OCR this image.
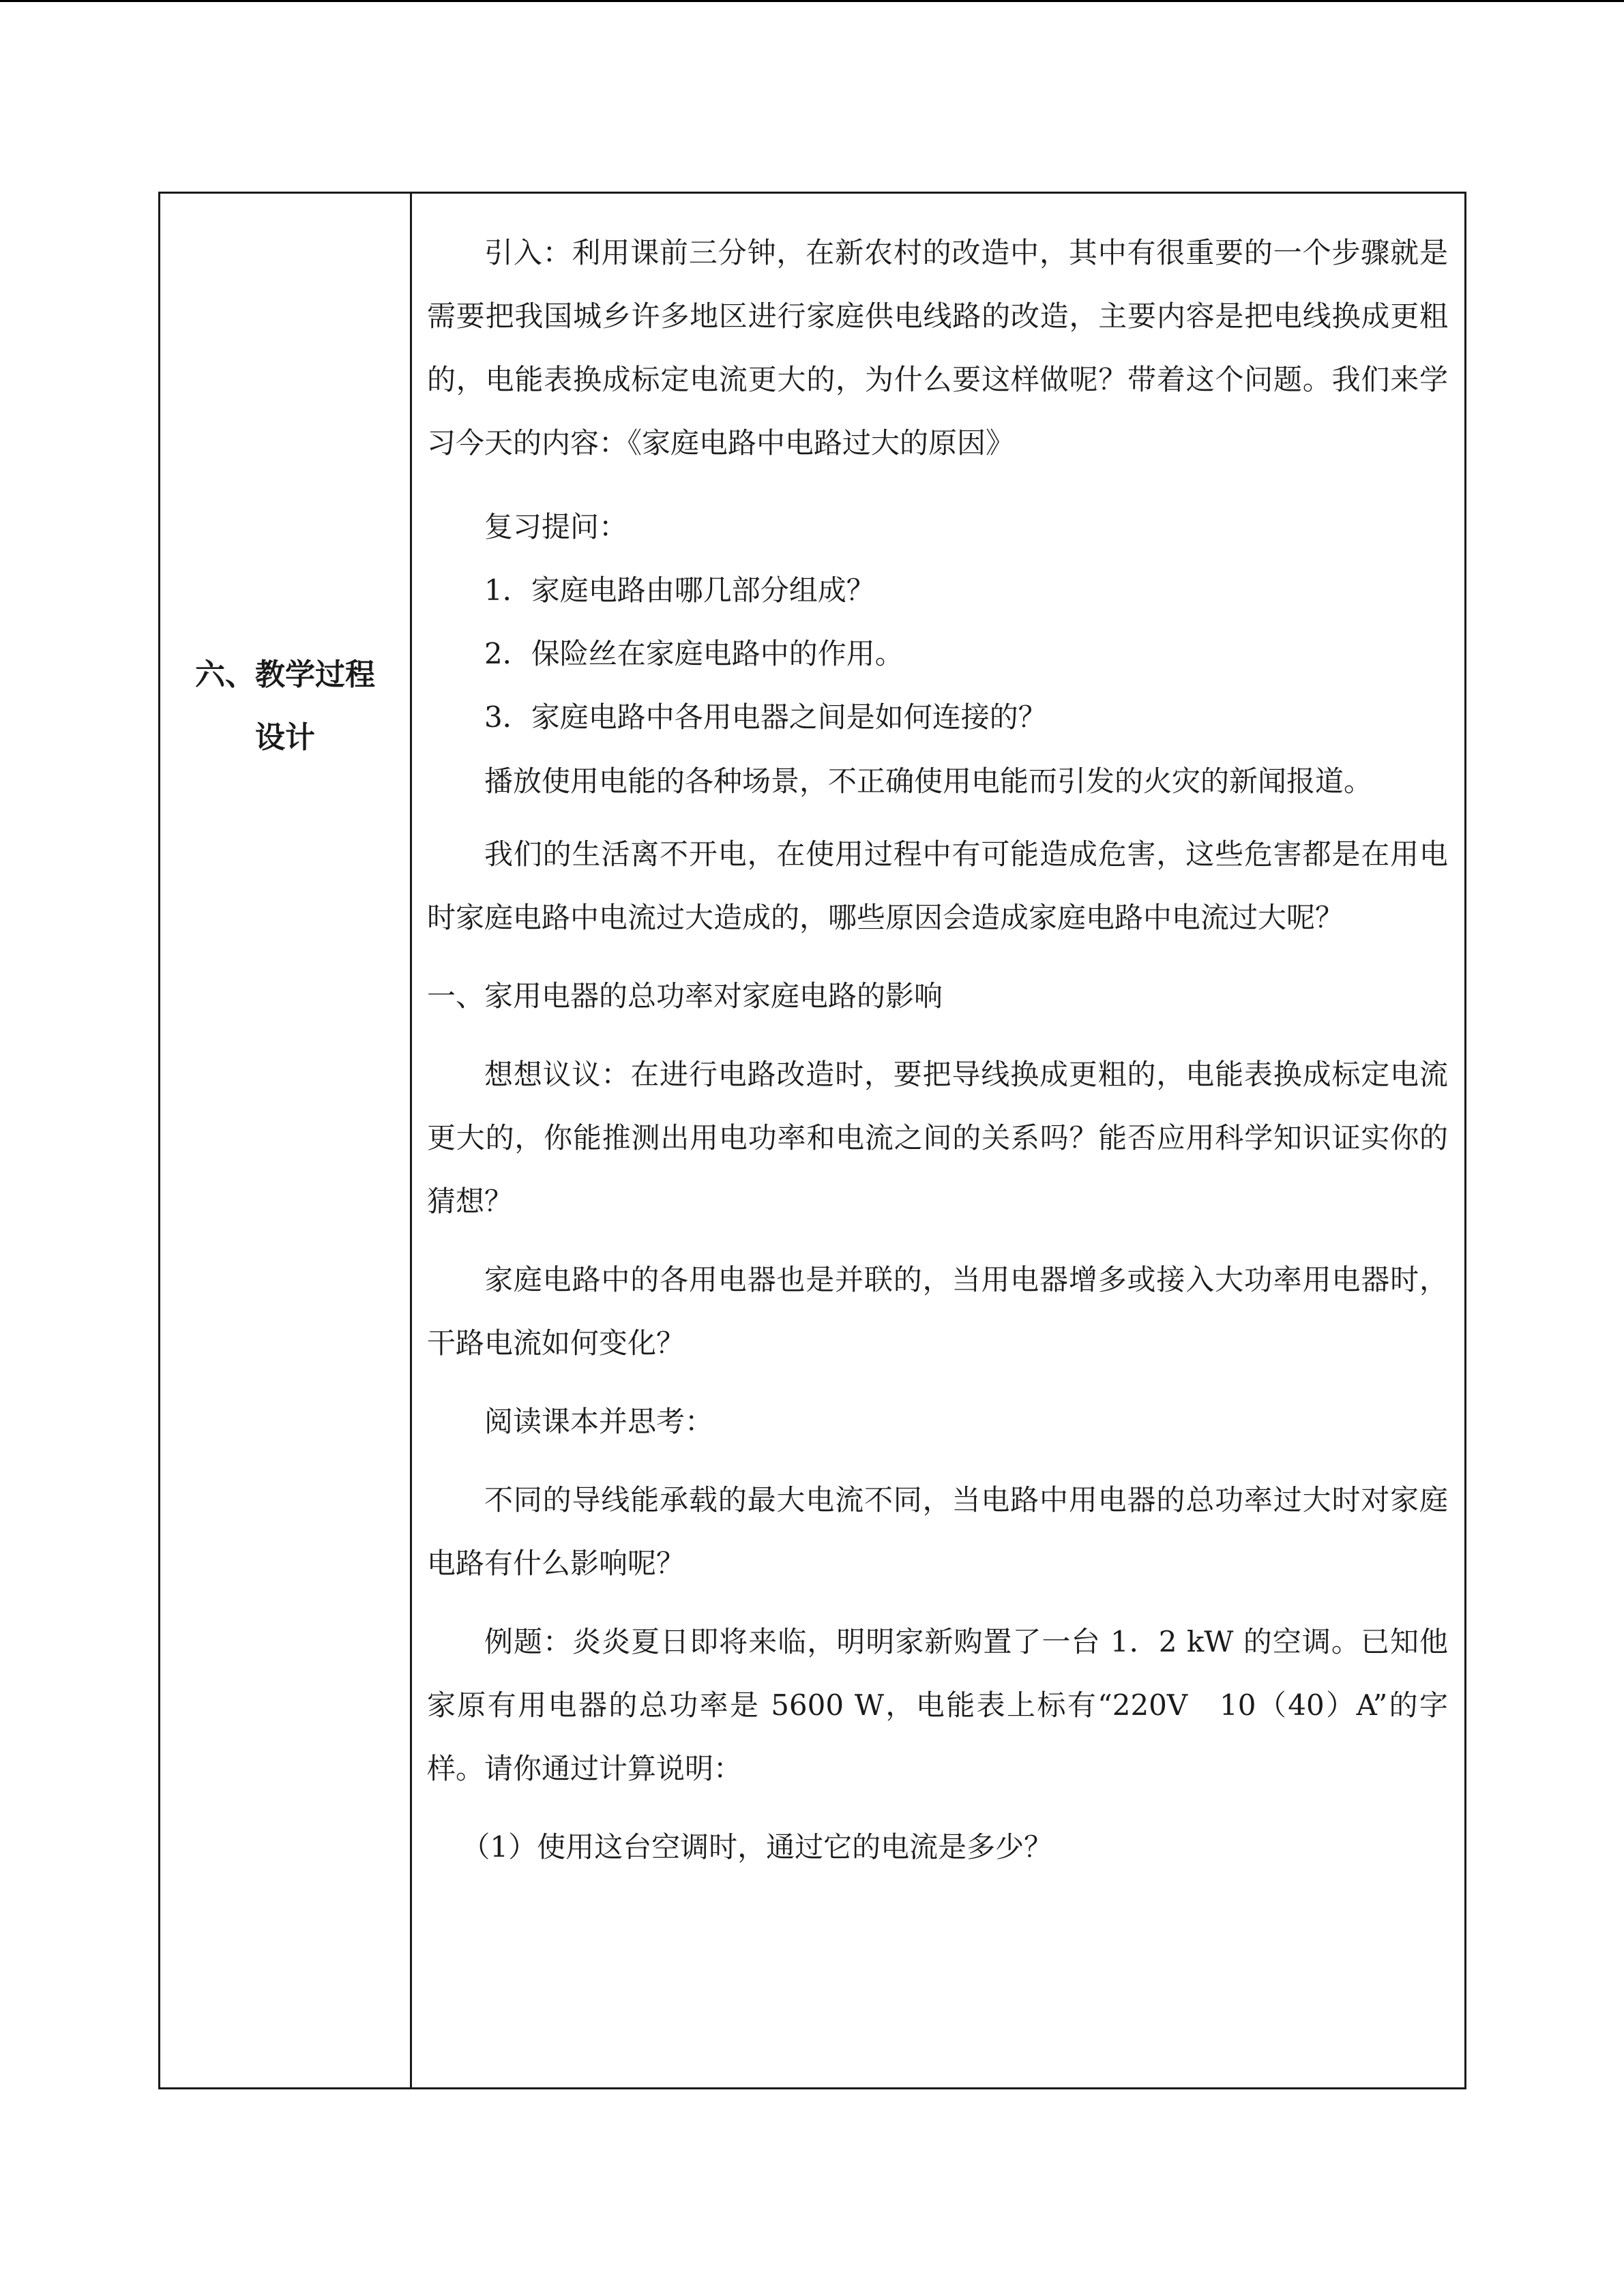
六、教学过程
设计

引入：利用课前三分钟，在新农村的改造中，其中有很重要的一个步骤就是需要把我国城乡许多地区进行家庭供电线路的改造，主要内容是把电线换成更粗的，电能表换成标定电流更大的，为什么要这样做呢？带着这个问题。我们来学习今天的内容：《家庭电路中电路过大的原因》

复习提问：

1．家庭电路由哪几部分组成？

2．保险丝在家庭电路中的作用。

3．家庭电路中各用电器之间是如何连接的？

播放使用电能的各种场景，不正确使用电能而引发的火灾的新闻报道。

我们的生活离不开电，在使用过程中有可能造成危害，这些危害都是在用电时家庭电路中电流过大造成的，哪些原因会造成家庭电路中电流过大呢？

一、家用电器的总功率对家庭电路的影响

想想议议：在进行电路改造时，要把导线换成更粗的，电能表换成标定电流更大的，你能推测出用电功率和电流之间的关系吗？能否应用科学知识证实你的猜想？

家庭电路中的各用电器也是并联的，当用电器增多或接入大功率用电器时，干路电流如何变化？

阅读课本并思考：

不同的导线能承载的最大电流不同，当电路中用电器的总功率过大时对家庭电路有什么影响呢？

例题：炎炎夏日即将来临，明明家新购置了一台 1．2 kW 的空调。已知他家原有用电器的总功率是 5600 W，电能表上标有“220V　10（40）A”的字样。请你通过计算说明：

（1）使用这台空调时，通过它的电流是多少？
